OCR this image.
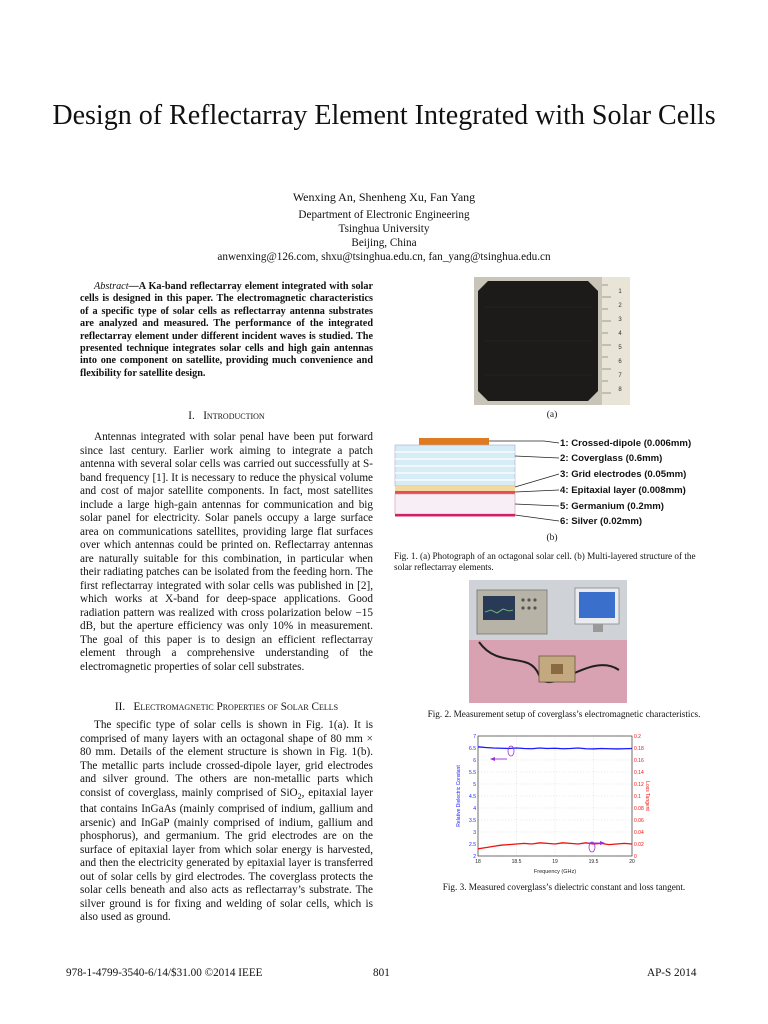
Design of Reflectarray Element Integrated with Solar Cells
Wenxing An, Shenheng Xu, Fan Yang
Department of Electronic Engineering
Tsinghua University
Beijing, China
anwenxing@126.com, shxu@tsinghua.edu.cn, fan_yang@tsinghua.edu.cn
Abstract—A Ka-band reflectarray element integrated with solar cells is designed in this paper. The electromagnetic characteristics of a specific type of solar cells as reflectarray antenna substrates are analyzed and measured. The performance of the integrated reflectarray element under different incident waves is studied. The presented technique integrates solar cells and high gain antennas into one component on satellite, providing much convenience and flexibility for satellite design.
I. Introduction

Antennas integrated with solar penal have been put forward since last century. Earlier work aiming to integrate a patch antenna with several solar cells was carried out successfully at S-band frequency [1]. It is necessary to reduce the physical volume and cost of major satellite components. In fact, most satellites include a large high-gain antennas for communication and big solar panel for electricity. Solar panels occupy a large surface area on communications satellites, providing large flat surfaces over which antennas could be printed on. Reflectarray antennas are naturally suitable for this combination, in particular when their radiating patches can be isolated from the feeding horn. The first reflectarray integrated with solar cells was published in [2], which works at X-band for deep-space applications. Good radiation pattern was realized with cross polarization below −15 dB, but the aperture efficiency was only 10% in measurement. The goal of this paper is to design an efficient reflectarray element through a comprehensive understanding of the electromagnetic properties of solar cell substrates.

II. Electromagnetic Properties of Solar Cells

The specific type of solar cells is shown in Fig. 1(a). It is comprised of many layers with an octagonal shape of 80 mm × 80 mm. Details of the element structure is shown in Fig. 1(b). The metallic parts include crossed-dipole layer, grid electrodes and silver ground. The others are non-metallic parts which consist of coverglass, mainly comprised of SiO$_2$, epitaxial layer that contains InGaAs (mainly comprised of indium, gallium and arsenic) and InGaP (mainly comprised of indium, gallium and phosphorus), and germanium. The grid electrodes are on the surface of epitaxial layer from which solar energy is harvested, and then the electricity generated by epitaxial layer is transferred out of solar cells by gird electrodes. The coverglass protects the solar cells beneath and also acts as reflectarray’s substrate. The silver ground is for fixing and welding of solar cells, which is also used as ground.

1
2
3
4
5
6
7
8
(a)
1: Crossed-dipole (0.006mm)
2: Coverglass (0.6mm)
3: Grid electrodes (0.05mm)
4: Epitaxial layer (0.008mm)
5: Germanium (0.2mm)
6: Silver (0.02mm)
(b)
Fig. 1. (a) Photograph of an octagonal solar cell. (b) Multi-layered structure of the solar reflectarray elements.
Fig. 2. Measurement setup of coverglass’s electromagnetic characteristics.
2
2.5
3
3.5
4
4.5
5
5.5
6
6.5
7
0
0.02
0.04
0.06
0.08
0.1
0.12
0.14
0.16
0.18
0.2
18	18.5	19	19.5	20
Frequency (GHz)
Relative Dielectric Constant	Loss Tangent
Fig. 3. Measured coverglass’s dielectric constant and loss tangent.
978-1-4799-3540-6/14/$31.00 ©2014 IEEE	801	AP-S 2014
